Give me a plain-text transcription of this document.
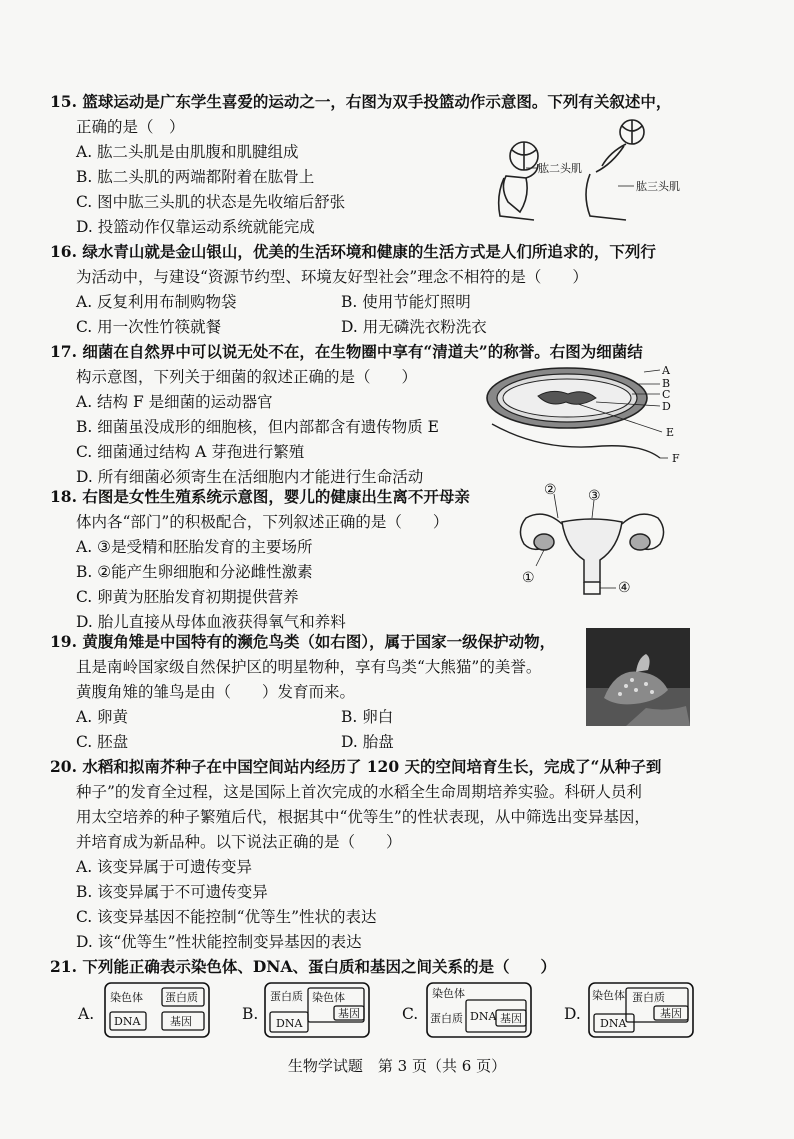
15. 篮球运动是广东学生喜爱的运动之一，右图为双手投篮动作示意图。下列有关叙述中，
正确的是（　）
A. 肱二头肌是由肌腹和肌腱组成
B. 肱二头肌的两端都附着在肱骨上
C. 图中肱三头肌的状态是先收缩后舒张
D. 投篮动作仅靠运动系统就能完成
肱二头肌
肱三头肌
16. 绿水青山就是金山银山，优美的生活环境和健康的生活方式是人们所追求的，下列行
为活动中，与建设“资源节约型、环境友好型社会”理念不相符的是（　　）
A. 反复利用布制购物袋	B. 使用节能灯照明
C. 用一次性竹筷就餐	D. 用无磷洗衣粉洗衣
17. 细菌在自然界中可以说无处不在，在生物圈中享有“清道夫”的称誉。右图为细菌结
构示意图，下列关于细菌的叙述正确的是（　　）
A. 结构 F 是细菌的运动器官
B. 细菌虽没成形的细胞核，但内部都含有遗传物质 E
C. 细菌通过结构 A 芽孢进行繁殖
D. 所有细菌必须寄生在活细胞内才能进行生命活动
A
B
C
D
E
F
18. 右图是女性生殖系统示意图，婴儿的健康出生离不开母亲
体内各“部门”的积极配合，下列叙述正确的是（　　）
A. ③是受精和胚胎发育的主要场所
B. ②能产生卵细胞和分泌雌性激素
C. 卵黄为胚胎发育初期提供营养
D. 胎儿直接从母体血液获得氧气和养料
② ③
①
④
19. 黄腹角雉是中国特有的濒危鸟类（如右图），属于国家一级保护动物，
且是南岭国家级自然保护区的明星物种，享有鸟类“大熊猫”的美誉。
黄腹角雉的雏鸟是由（　　）发育而来。
A. 卵黄	B. 卵白
C. 胚盘	D. 胎盘
20. 水稻和拟南芥种子在中国空间站内经历了 120 天的空间培育生长，完成了“从种子到
种子”的发育全过程，这是国际上首次完成的水稻全生命周期培养实验。科研人员利
用太空培养的种子繁殖后代，根据其中“优等生”的性状表现，从中筛选出变异基因，
并培育成为新品种。以下说法正确的是（　　）
A. 该变异属于可遗传变异
B. 该变异属于不可遗传变异
C. 该变异基因不能控制“优等生”性状的表达
D. 该“优等生”性状能控制变异基因的表达
21. 下列能正确表示染色体、DNA、蛋白质和基因之间关系的是（　　）
A.
染色体 蛋白质
DNA	基因	B.
蛋白质 染色体
DNA
基因	C.
染色体
蛋白质 DNA 基因	D.
染色体 蛋白质
基因
DNA
生物学试题　第 3 页（共 6 页）
